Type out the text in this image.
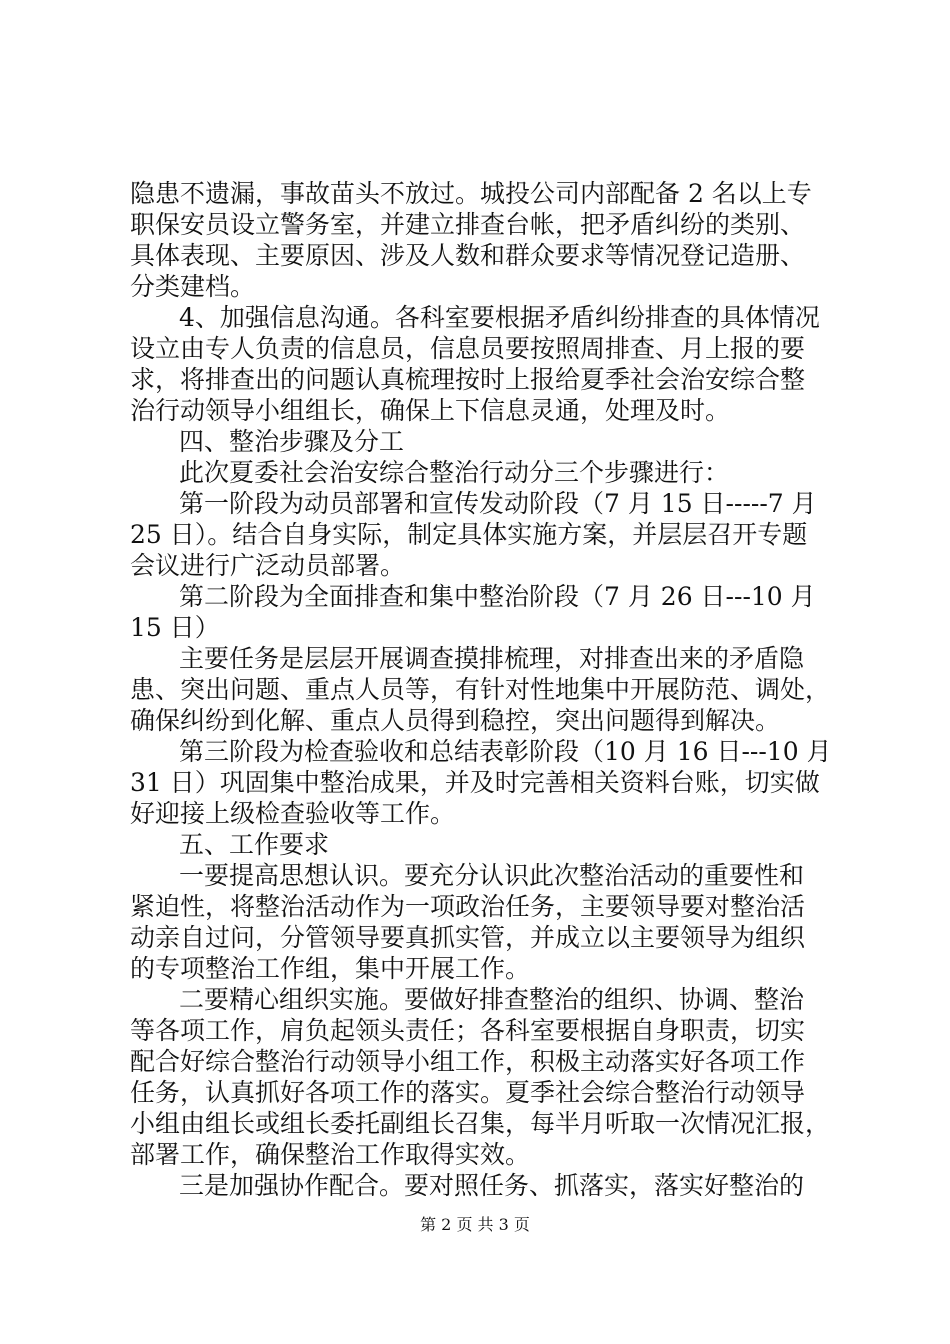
隐患不遗漏，事故苗头不放过。城投公司内部配备 2 名以上专
职保安员设立警务室，并建立排查台帐，把矛盾纠纷的类别、
具体表现、主要原因、涉及人数和群众要求等情况登记造册、
分类建档。
4、加强信息沟通。各科室要根据矛盾纠纷排查的具体情况
设立由专人负责的信息员，信息员要按照周排查、月上报的要
求，将排查出的问题认真梳理按时上报给夏季社会治安综合整
治行动领导小组组长，确保上下信息灵通，处理及时。
四、整治步骤及分工
此次夏委社会治安综合整治行动分三个步骤进行：
第一阶段为动员部署和宣传发动阶段（7 月 15 日-----7 月
25 日）。结合自身实际，制定具体实施方案，并层层召开专题
会议进行广泛动员部署。
第二阶段为全面排查和集中整治阶段（7 月 26 日---10 月
15 日）
主要任务是层层开展调查摸排梳理，对排查出来的矛盾隐
患、突出问题、重点人员等，有针对性地集中开展防范、调处，
确保纠纷到化解、重点人员得到稳控，突出问题得到解决。
第三阶段为检查验收和总结表彰阶段（10 月 16 日---10 月
31 日）巩固集中整治成果，并及时完善相关资料台账，切实做
好迎接上级检查验收等工作。
五、工作要求
一要提高思想认识。要充分认识此次整治活动的重要性和
紧迫性，将整治活动作为一项政治任务，主要领导要对整治活
动亲自过问，分管领导要真抓实管，并成立以主要领导为组织
的专项整治工作组，集中开展工作。
二要精心组织实施。要做好排查整治的组织、协调、整治
等各项工作，肩负起领头责任；各科室要根据自身职责，切实
配合好综合整治行动领导小组工作，积极主动落实好各项工作
任务，认真抓好各项工作的落实。夏季社会综合整治行动领导
小组由组长或组长委托副组长召集，每半月听取一次情况汇报，
部署工作，确保整治工作取得实效。
三是加强协作配合。要对照任务、抓落实，落实好整治的
第 2 页 共 3 页
